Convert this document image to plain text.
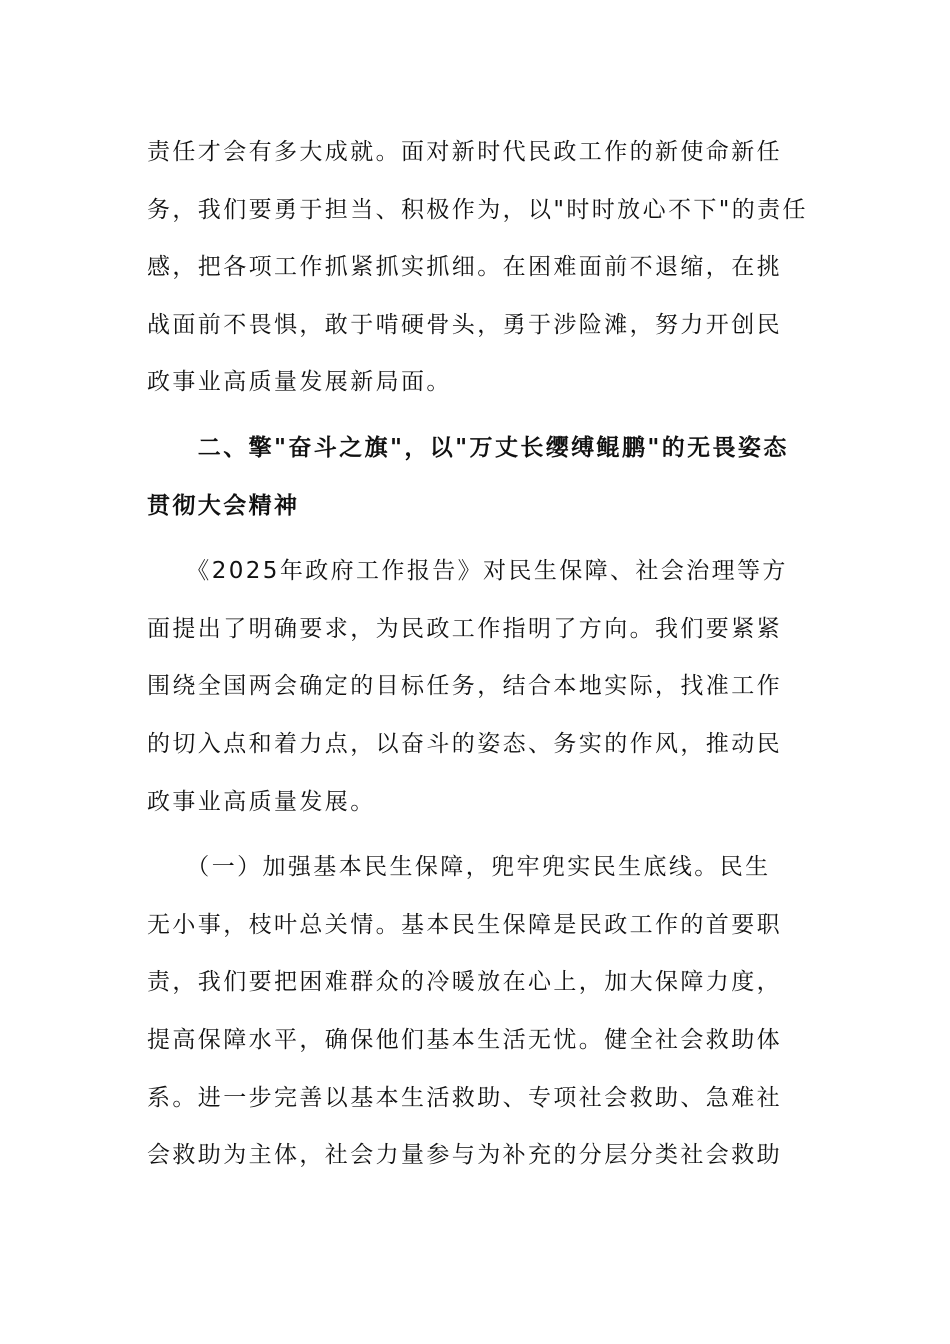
责任才会有多大成就。面对新时代民政工作的新使命新任
务，我们要勇于担当、积极作为，以"时时放心不下"的责任
感，把各项工作抓紧抓实抓细。在困难面前不退缩，在挑
战面前不畏惧，敢于啃硬骨头，勇于涉险滩，努力开创民
政事业高质量发展新局面。
　　二、擎"奋斗之旗"，以"万丈长缨缚鲲鹏"的无畏姿态
贯彻大会精神
　　《2025年政府工作报告》对民生保障、社会治理等方
面提出了明确要求，为民政工作指明了方向。我们要紧紧
围绕全国两会确定的目标任务，结合本地实际，找准工作
的切入点和着力点，以奋斗的姿态、务实的作风，推动民
政事业高质量发展。
　　（一）加强基本民生保障，兜牢兜实民生底线。民生
无小事，枝叶总关情。基本民生保障是民政工作的首要职
责，我们要把困难群众的冷暖放在心上，加大保障力度，
提高保障水平，确保他们基本生活无忧。健全社会救助体
系。进一步完善以基本生活救助、专项社会救助、急难社
会救助为主体，社会力量参与为补充的分层分类社会救助
